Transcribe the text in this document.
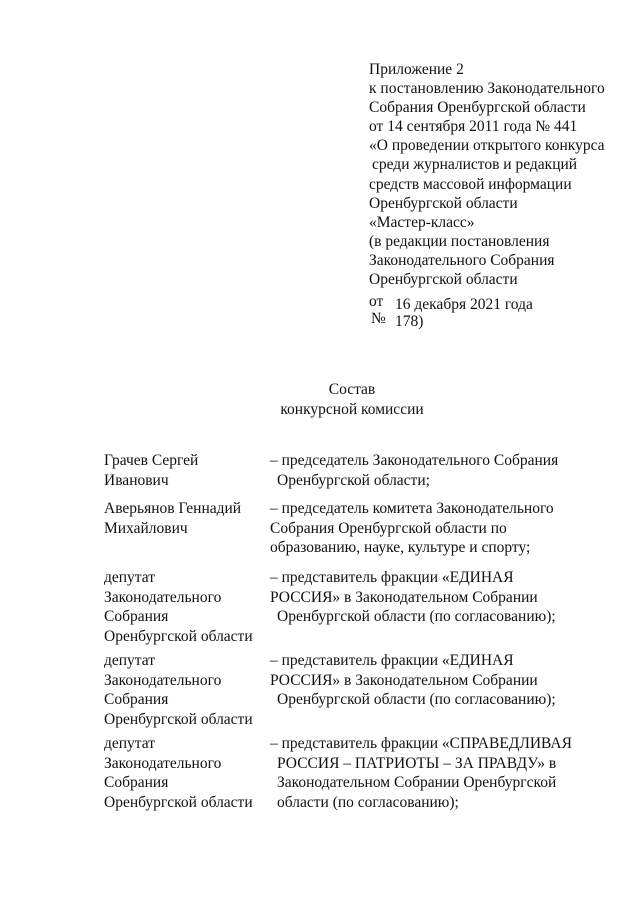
Приложение 2
к постановлению Законодательного
Собрания Оренбургской области
от 14 сентября 2011 года № 441
«О проведении открытого конкурса
среди журналистов и редакций
средств массовой информации
Оренбургской области
«Мастер-класс»
(в редакции постановления
Законодательного Собрания
Оренбургской области
от
№
16 декабря 2021 года
178)
Состав
конкурсной комиссии
Грачев Сергей
Иванович
– председатель Законодательного Собрания
Оренбургской области;
Аверьянов Геннадий
Михайлович
– председатель комитета Законодательного
Собрания Оренбургской области по
образованию, науке, культуре и спорту;
депутат
Законодательного
Собрания
Оренбургской области
– представитель фракции «ЕДИНАЯ
РОССИЯ» в Законодательном Собрании
Оренбургской области (по согласованию);
депутат
Законодательного
Собрания
Оренбургской области
– представитель фракции «ЕДИНАЯ
РОССИЯ» в Законодательном Собрании
Оренбургской области (по согласованию);
депутат
Законодательного
Собрания
Оренбургской области
– представитель фракции «СПРАВЕДЛИВАЯ
РОССИЯ – ПАТРИОТЫ – ЗА ПРАВДУ» в
Законодательном Собрании Оренбургской
области (по согласованию);
